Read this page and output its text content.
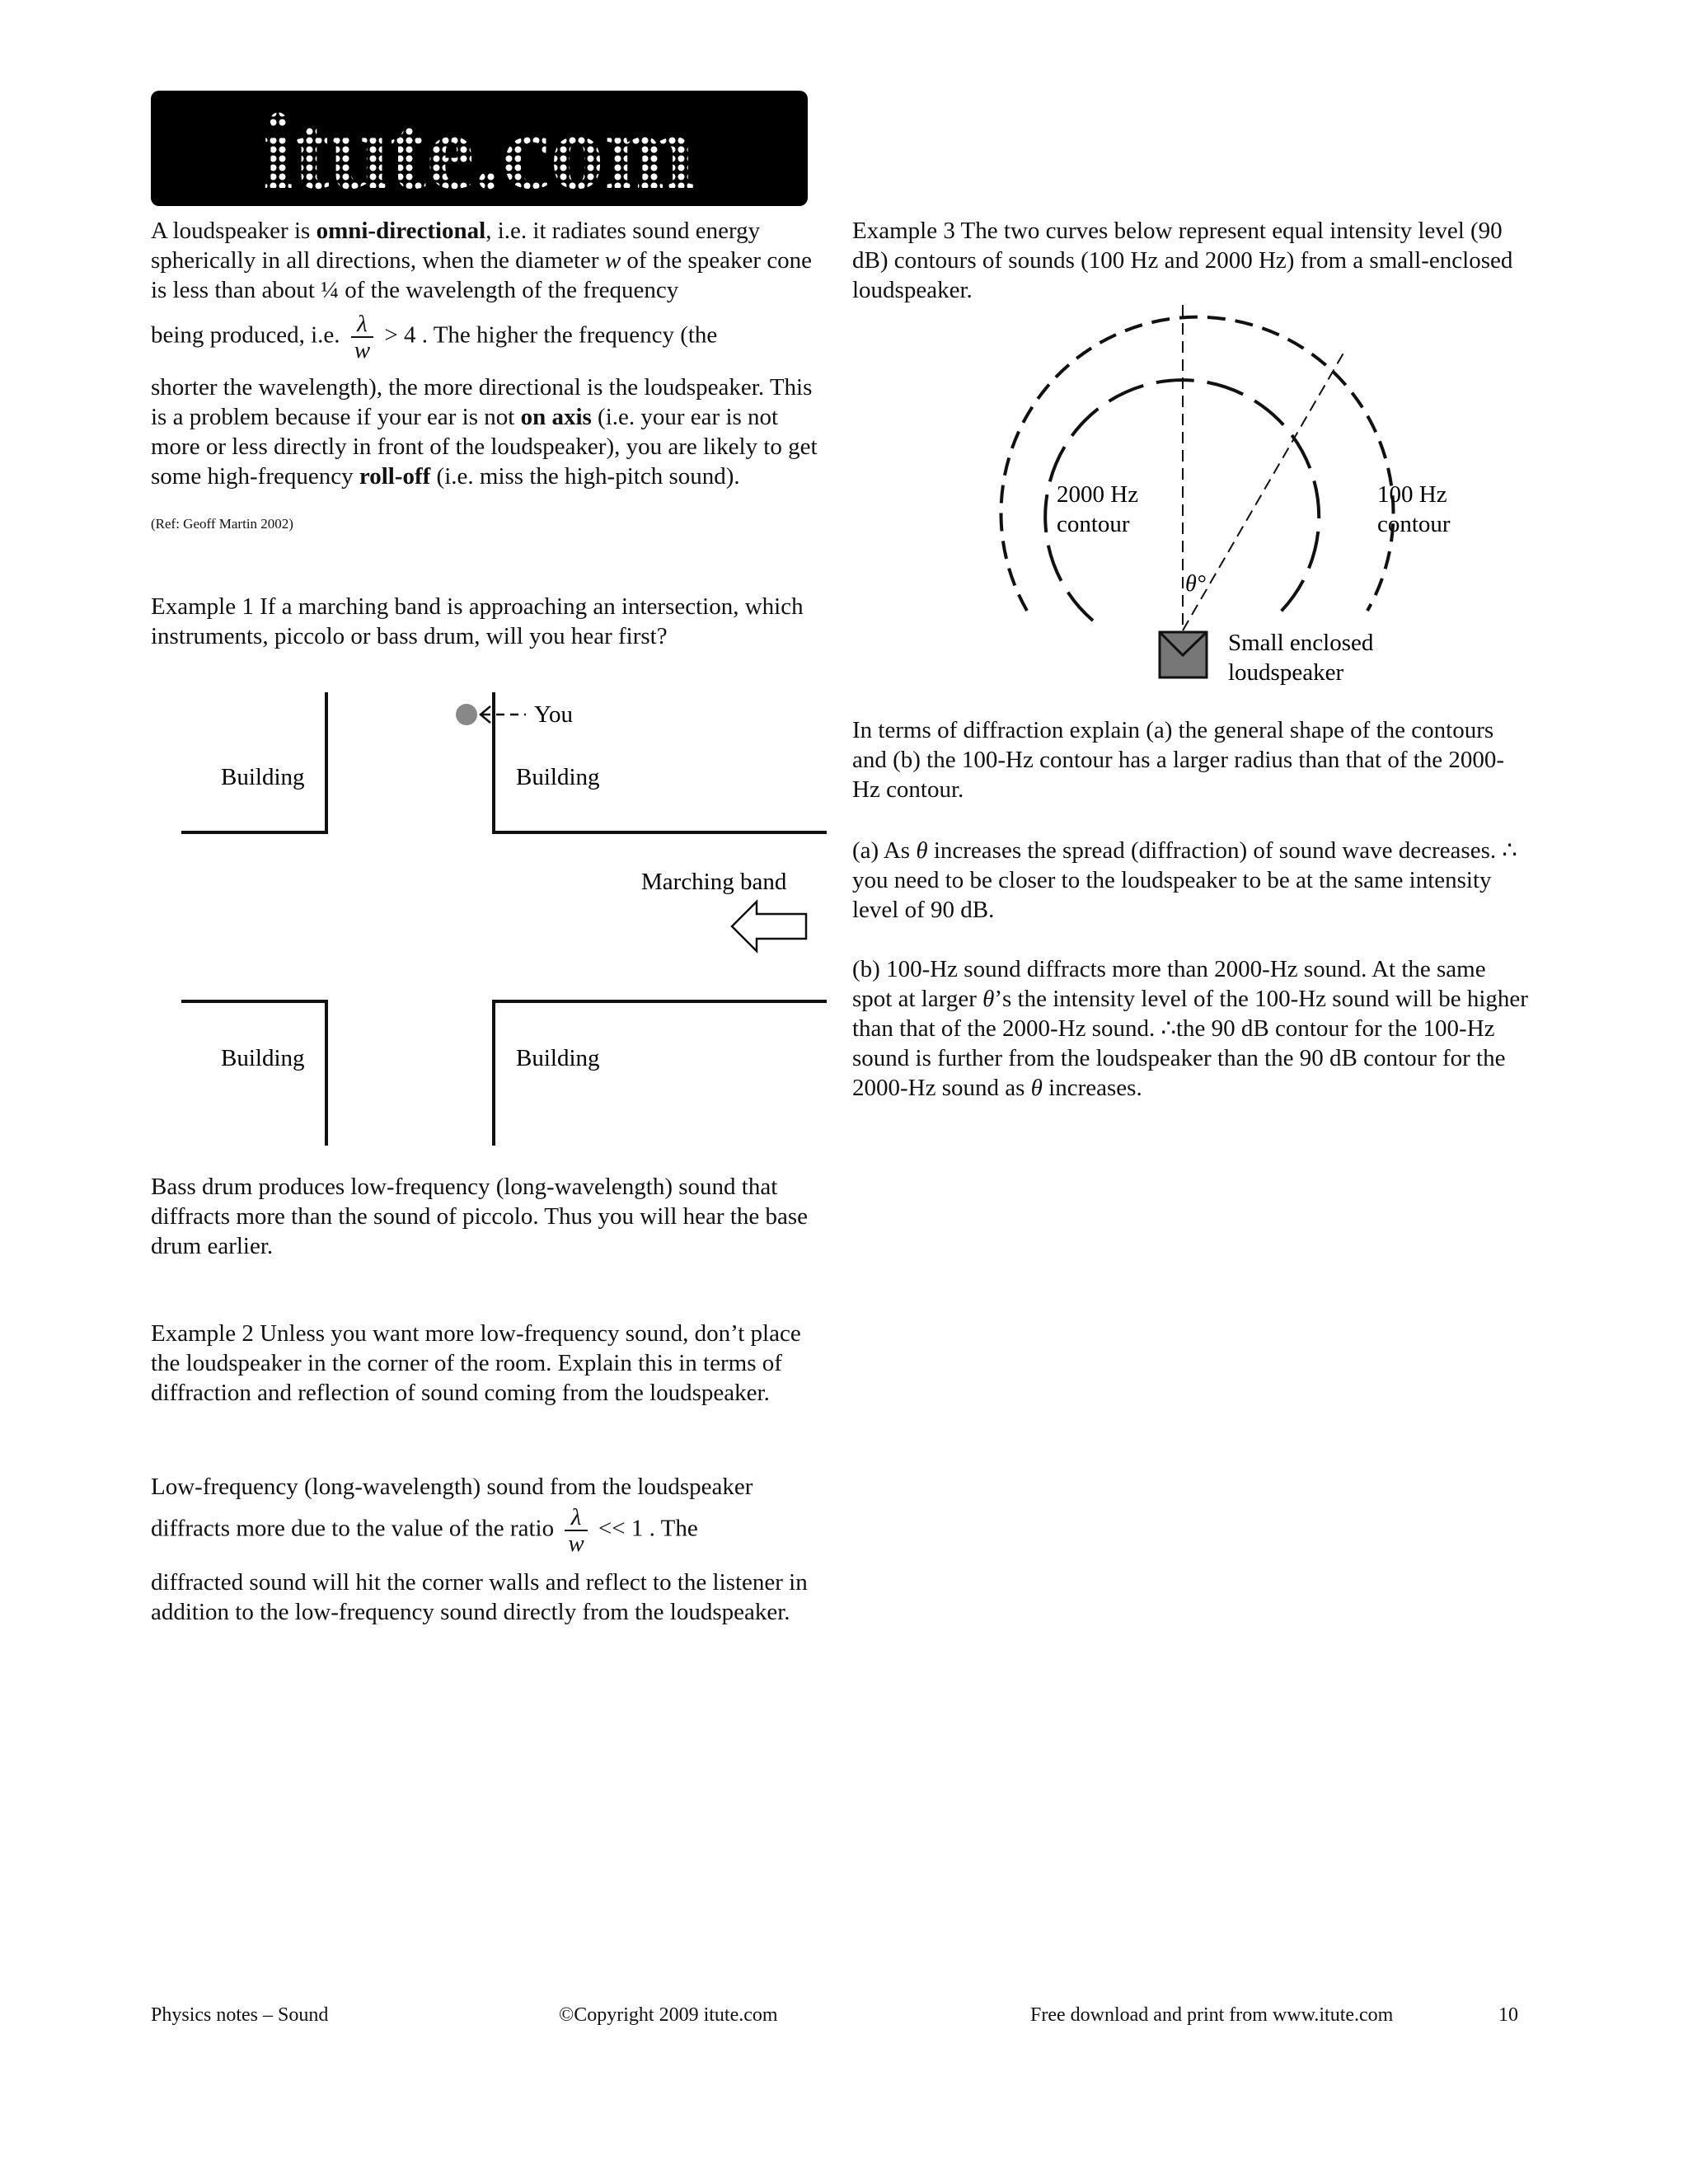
A loudspeaker is omni-directional, i.e. it radiates sound energy spherically in all directions, when the diameter w of the speaker cone is less than about ¼ of the wavelength of the frequency
being produced, i.e. $\frac{\lambda}{w} > 4$ . The higher the frequency (the
shorter the wavelength), the more directional is the loudspeaker. This is a problem because if your ear is not on axis (i.e. your ear is not more or less directly in front of the loudspeaker), you are likely to get some high-frequency roll-off (i.e. miss the high-pitch sound).
(Ref: Geoff Martin 2002)
Example 1 If a marching band is approaching an intersection, which instruments, piccolo or bass drum, will you hear first?
You
Building	Building
Building	Building
Marching band
Bass drum produces low-frequency (long-wavelength) sound that diffracts more than the sound of piccolo. Thus you will hear the base drum earlier.
Example 2 Unless you want more low-frequency sound, don’t place the loudspeaker in the corner of the room. Explain this in terms of diffraction and reflection of sound coming from the loudspeaker.
Low-frequency (long-wavelength) sound from the loudspeaker
diffracts more due to the value of the ratio $\frac{\lambda}{w} << 1$ . The
diffracted sound will hit the corner walls and reflect to the listener in addition to the low-frequency sound directly from the loudspeaker.
Example 3 The two curves below represent equal intensity level (90 dB) contours of sounds (100 Hz and 2000 Hz) from a small-enclosed loudspeaker.
θ°
2000 Hz
contour
100 Hz
contour
Small enclosed
loudspeaker
In terms of diffraction explain (a) the general shape of the contours and (b) the 100-Hz contour has a larger radius than that of the 2000-Hz contour.
(a) As θ increases the spread (diffraction) of sound wave decreases. ∴ you need to be closer to the loudspeaker to be at the same intensity level of 90 dB.
(b) 100-Hz sound diffracts more than 2000-Hz sound. At the same spot at larger θ’s the intensity level of the 100-Hz sound will be higher than that of the 2000-Hz sound. ∴the 90 dB contour for the 100-Hz sound is further from the loudspeaker than the 90 dB contour for the 2000-Hz sound as θ increases.
Physics notes – Sound	©Copyright 2009 itute.com	Free download and print from www.itute.com	10
